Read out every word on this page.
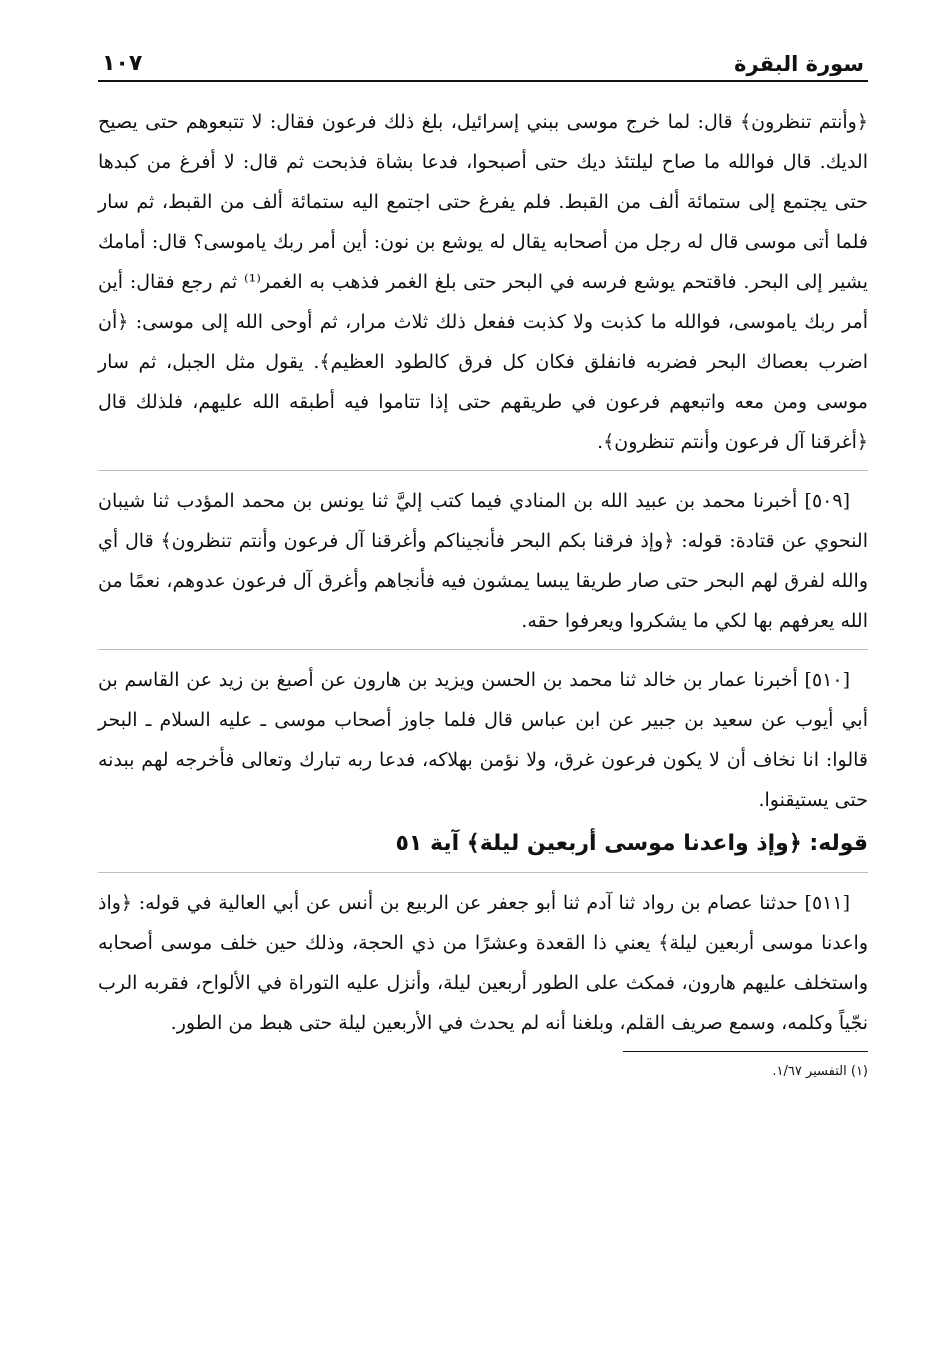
سورة البقرة
١٠٧

﴿وأنتم تنظرون﴾ قال: لما خرج موسى ببني إسرائيل، بلغ ذلك فرعون فقال: لا تتبعوهم حتى يصيح الديك. قال فوالله ما صاح ليلتئذ ديك حتى أصبحوا، فدعا بشاة فذبحت ثم قال: لا أفرغ من كبدها حتى يجتمع إلى ستمائة ألف من القبط. فلم يفرغ حتى اجتمع اليه ستمائة ألف من القبط، ثم سار فلما أتى موسى قال له رجل من أصحابه يقال له يوشع بن نون: أين أمر ربك ياموسى؟ قال: أمامك يشير إلى البحر. فاقتحم يوشع فرسه في البحر حتى بلغ الغمر فذهب به الغمر⁽¹⁾ ثم رجع فقال: أين أمر ربك ياموسى، فوالله ما كذبت ولا كذبت ففعل ذلك ثلاث مرار، ثم أوحى الله إلى موسى: ﴿أن اضرب بعصاك البحر فضربه فانفلق فكان كل فرق كالطود العظيم﴾. يقول مثل الجبل، ثم سار موسى ومن معه واتبعهم فرعون في طريقهم حتى إذا تتاموا فيه أطبقه الله عليهم، فلذلك قال ﴿أغرقنا آل فرعون وأنتم تنظرون﴾.

[٥٠٩] أخبرنا محمد بن عبيد الله بن المنادي فيما كتب إليَّ ثنا يونس بن محمد المؤدب ثنا شيبان النحوي عن قتادة: قوله: ﴿وإذ فرقنا بكم البحر فأنجيناكم وأغرقنا آل فرعون وأنتم تنظرون﴾ قال أي والله لفرق لهم البحر حتى صار طريقا يبسا يمشون فيه فأنجاهم وأغرق آل فرعون عدوهم، نعمًا من الله يعرفهم بها لكي ما يشكروا ويعرفوا حقه.

[٥١٠] أخبرنا عمار بن خالد ثنا محمد بن الحسن ويزيد بن هارون عن أصبغ بن زيد عن القاسم بن أبي أيوب عن سعيد بن جبير عن ابن عباس قال فلما جاوز أصحاب موسى ـ عليه السلام ـ البحر قالوا: انا نخاف أن لا يكون فرعون غرق، ولا نؤمن بهلاكه، فدعا ربه تبارك وتعالى فأخرجه لهم ببدنه حتى يستيقنوا.

قوله: ﴿وإذ واعدنا موسى أربعين ليلة﴾ آية ٥١

[٥١١] حدثنا عصام بن رواد ثنا آدم ثنا أبو جعفر عن الربيع بن أنس عن أبي العالية في قوله: ﴿واذ واعدنا موسى أربعين ليلة﴾ يعني ذا القعدة وعشرًا من ذي الحجة، وذلك حين خلف موسى أصحابه واستخلف عليهم هارون، فمكث على الطور أربعين ليلة، وأنزل عليه التوراة في الألواح، فقربه الرب نجّياً وكلمه، وسمع صريف القلم، وبلغنا أنه لم يحدث في الأربعين ليلة حتى هبط من الطور.

(١) التفسير ١/٦٧.
